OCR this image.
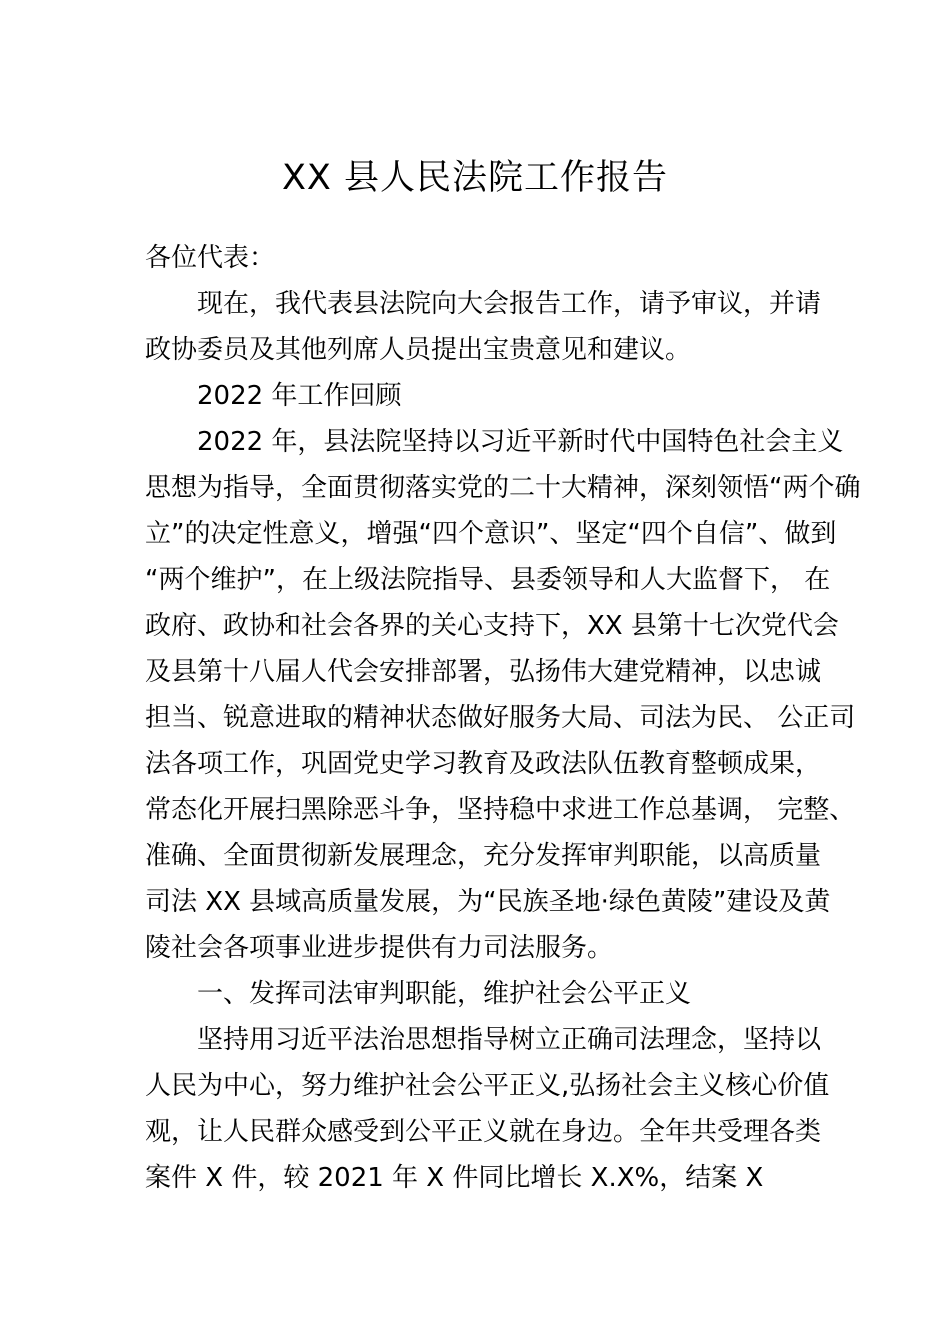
XX 县人民法院工作报告
各位代表：
现在，我代表县法院向大会报告工作，请予审议，并请
政协委员及其他列席人员提出宝贵意见和建议。
2022 年工作回顾
2022 年，县法院坚持以习近平新时代中国特色社会主义
思想为指导，全面贯彻落实党的二十大精神，深刻领悟“两个确
立”的决定性意义，增强“四个意识”、坚定“四个自信”、做到
“两个维护”，在上级法院指导、县委领导和人大监督下， 在
政府、政协和社会各界的关心支持下，XX 县第十七次党代会
及县第十八届人代会安排部署，弘扬伟大建党精神，以忠诚
担当、锐意进取的精神状态做好服务大局、司法为民、 公正司
法各项工作，巩固党史学习教育及政法队伍教育整顿成果，
常态化开展扫黑除恶斗争，坚持稳中求进工作总基调， 完整、
准确、全面贯彻新发展理念，充分发挥审判职能，以高质量
司法 XX 县域高质量发展，为“民族圣地·绿色黄陵”建设及黄
陵社会各项事业进步提供有力司法服务。
一、发挥司法审判职能，维护社会公平正义
坚持用习近平法治思想指导树立正确司法理念，坚持以
人民为中心，努力维护社会公平正义,弘扬社会主义核心价值
观，让人民群众感受到公平正义就在身边。全年共受理各类
案件 X 件，较 2021 年 X 件同比增长 X.X%，结案 X
